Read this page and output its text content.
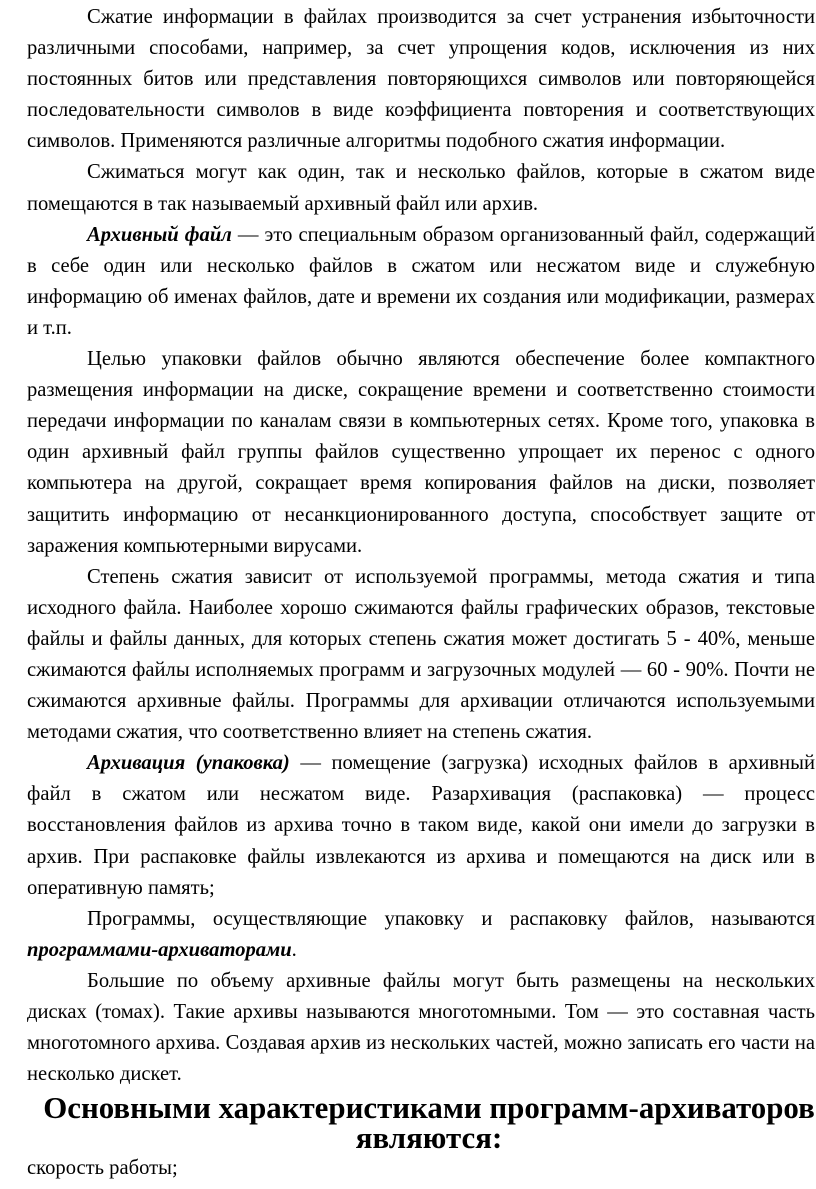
Сжатие информации в файлах производится за счет устранения избыточности различными способами, например, за счет упрощения кодов, исключения из них постоянных битов или представления повторяющихся символов или повторяющейся последовательности символов в виде коэффициента повторения и соответствующих символов. Применяются различные алгоритмы подобного сжатия информации.

Сжиматься могут как один, так и несколько файлов, которые в сжатом виде помещаются в так называемый архивный файл или архив.

Архивный файл — это специальным образом организованный файл, содержащий в себе один или несколько файлов в сжатом или несжатом виде и служебную информацию об именах файлов, дате и времени их создания или модификации, размерах и т.п.

Целью упаковки файлов обычно являются обеспечение более компактного размещения информации на диске, сокращение времени и соответственно стоимости передачи информации по каналам связи в компьютерных сетях. Кроме того, упаковка в один архивный файл группы файлов существенно упрощает их перенос с одного компьютера на другой, сокращает время копирования файлов на диски, позволяет защитить информацию от несанкционированного доступа, способствует защите от заражения компьютерными вирусами.

Степень сжатия зависит от используемой программы, метода сжатия и типа исходного файла. Наиболее хорошо сжимаются файлы графических образов, текстовые файлы и файлы данных, для которых степень сжатия может достигать 5 - 40%, меньше сжимаются файлы исполняемых программ и загрузочных модулей — 60 - 90%. Почти не сжимаются архивные файлы. Программы для архивации отличаются используемыми методами сжатия, что соответственно влияет на степень сжатия.

Архивация (упаковка) — помещение (загрузка) исходных файлов в архивный файл в сжатом или несжатом виде. Разархивация (распаковка) — процесс восстановления файлов из архива точно в таком виде, какой они имели до загрузки в архив. При распаковке файлы извлекаются из архива и помещаются на диск или в оперативную память;

Программы, осуществляющие упаковку и распаковку файлов, называются программами-архиваторами.

Большие по объему архивные файлы могут быть размещены на нескольких дисках (томах). Такие архивы называются многотомными. Том — это составная часть многотомного архива. Создавая архив из нескольких частей, можно записать его части на несколько дискет.

Основными характеристиками программ-архиваторов
являются:

скорость работы;
